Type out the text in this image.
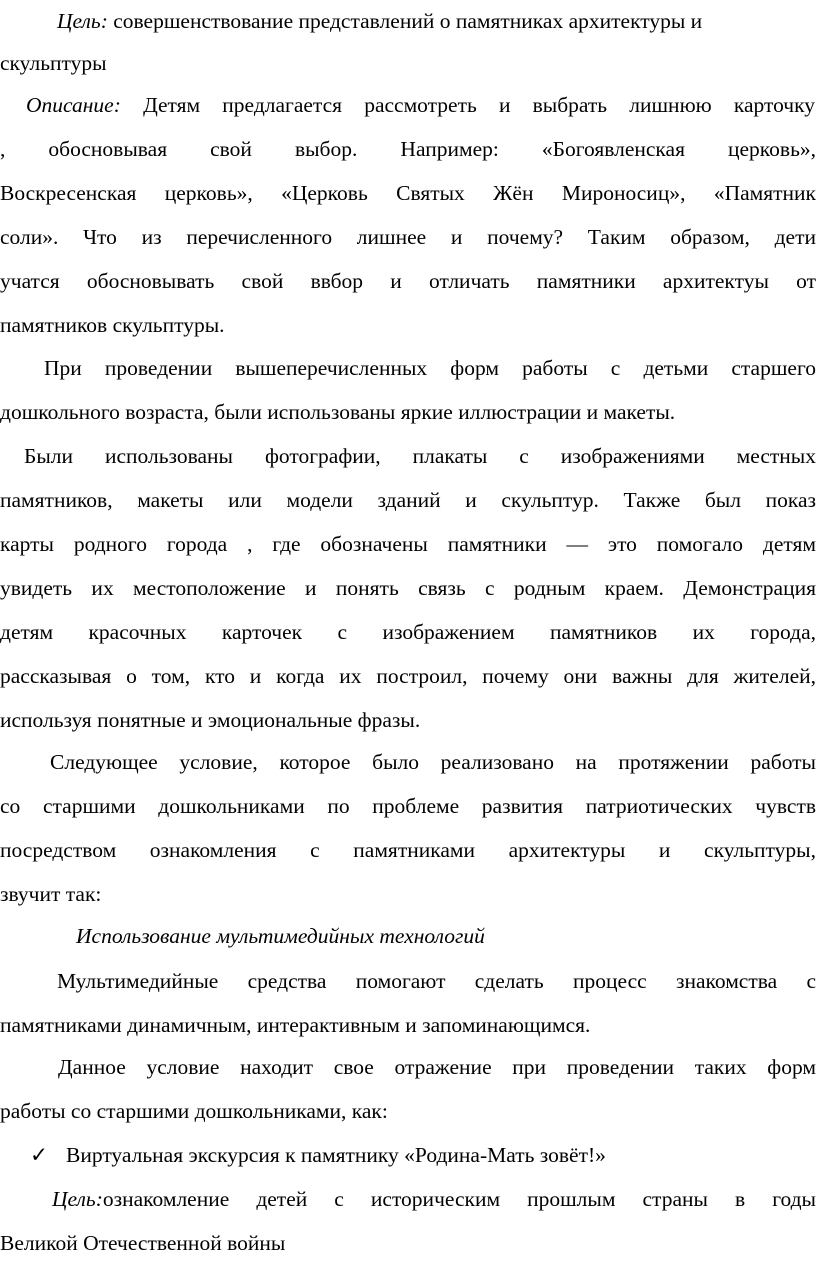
Цель: совершенствование представлений о памятниках архитектуры и
скульптуры
Описание: Детям предлагается рассмотреть и выбрать лишнюю карточку
, обосновывая свой выбор. Например: «Богоявленская церковь»,
Воскресенская церковь», «Церковь Святых Жён Мироносиц», «Памятник
соли». Что из перечисленного лишнее и почему? Таким образом, дети
учатся обосновывать свой ввбор и отличать памятники архитектуы от
памятников скульптуры.
При проведении вышеперечисленных форм работы с детьми старшего
дошкольного возраста, были использованы яркие иллюстрации и макеты.
Были использованы фотографии, плакаты с изображениями местных
памятников, макеты или модели зданий и скульптур. Также был показ
карты родного города , где обозначены памятники — это помогало детям
увидеть их местоположение и понять связь с родным краем. Демонстрация
детям красочных карточек с изображением памятников их города,
рассказывая о том, кто и когда их построил, почему они важны для жителей,
используя понятные и эмоциональные фразы.
Следующее условие, которое было реализовано на протяжении работы
со старшими дошкольниками по проблеме развития патриотических чувств
посредством ознакомления с памятниками архитектуры и скульптуры,
звучит так:
Использование мультимедийных технологий
Мультимедийные средства помогают сделать процесс знакомства с
памятниками динамичным, интерактивным и запоминающимся.
Данное условие находит свое отражение при проведении таких форм
работы со старшими дошкольниками, как:
✓ Виртуальная экскурсия к памятнику «Родина-Мать зовёт!»
Цель:ознакомление детей с историческим прошлым страны в годы
Великой Отечественной войны
